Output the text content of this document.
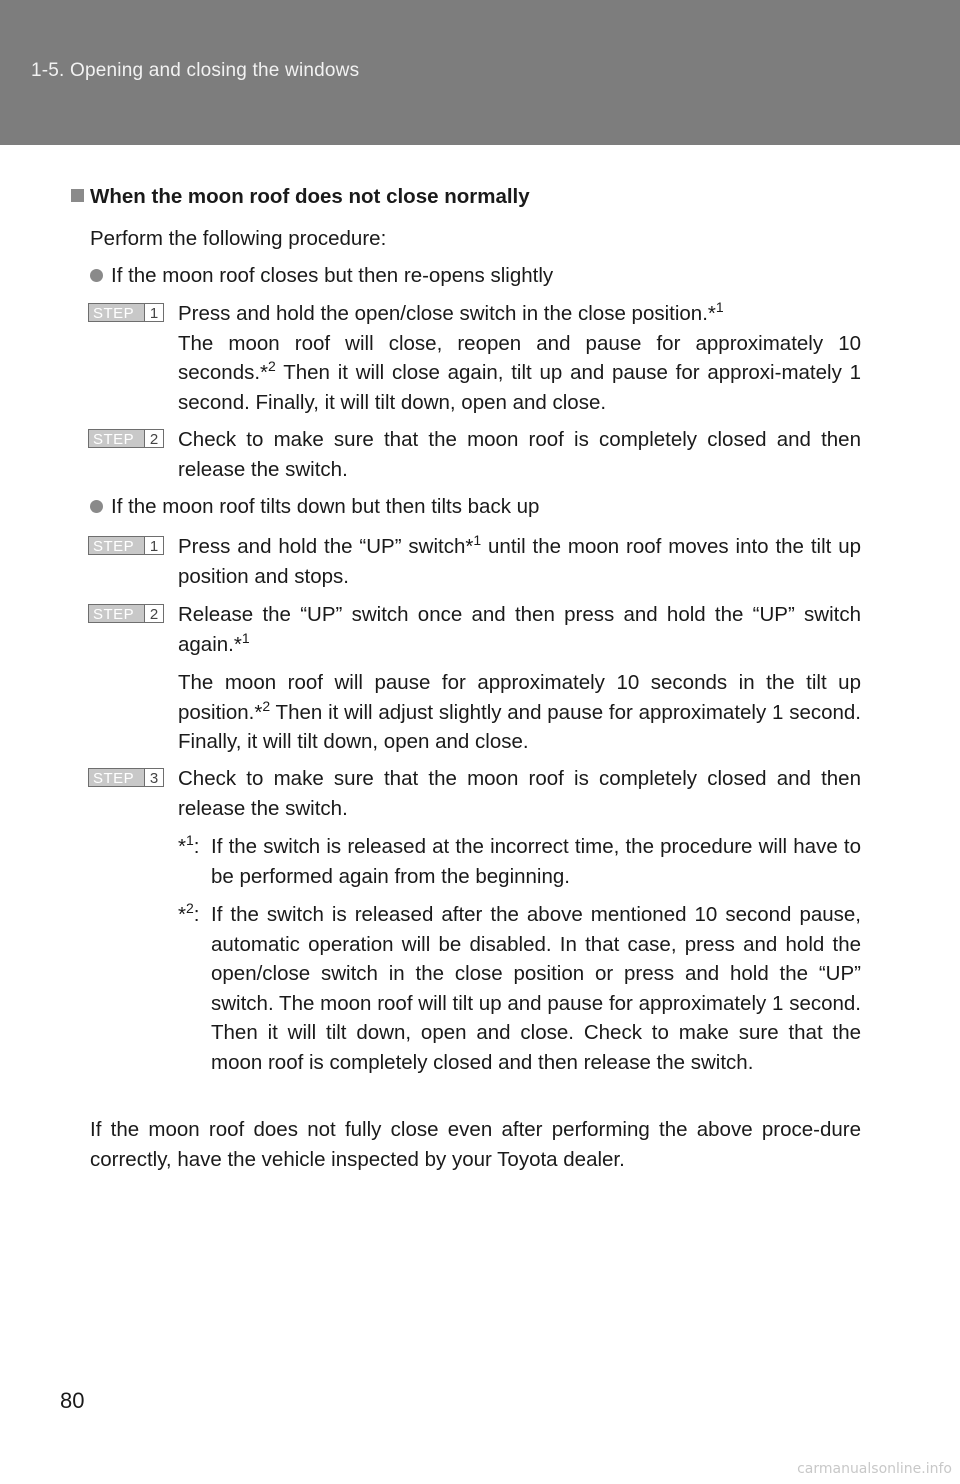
1-5. Opening and closing the windows
When the moon roof does not close normally
Perform the following procedure:
If the moon roof closes but then re-opens slightly
STEP	1 Press and hold the open/close switch in the close position.*$^1$
The moon roof will close, reopen and pause for approximately 10 seconds.*$^2$ Then it will close again, tilt up and pause for approxi-mately 1 second. Finally, it will tilt down, open and close.
STEP	2 Check to make sure that the moon roof is completely closed and then release the switch.
If the moon roof tilts down but then tilts back up
STEP	1 Press and hold the “UP” switch*$^1$ until the moon roof moves into the tilt up position and stops.
STEP	2 Release the “UP” switch once and then press and hold the “UP” switch again.*$^1$
The moon roof will pause for approximately 10 seconds in the tilt up position.*$^2$ Then it will adjust slightly and pause for approximately 1 second. Finally, it will tilt down, open and close.
STEP	3 Check to make sure that the moon roof is completely closed and then release the switch.
*$^1$: If the switch is released at the incorrect time, the procedure will have to be performed again from the beginning.
*$^2$: If the switch is released after the above mentioned 10 second pause, automatic operation will be disabled. In that case, press and hold the open/close switch in the close position or press and hold the “UP” switch. The moon roof will tilt up and pause for approximately 1 second. Then it will tilt down, open and close. Check to make sure that the moon roof is completely closed and then release the switch.
If the moon roof does not fully close even after performing the above proce-dure correctly, have the vehicle inspected by your Toyota dealer.
80
carmanualsonline.info
